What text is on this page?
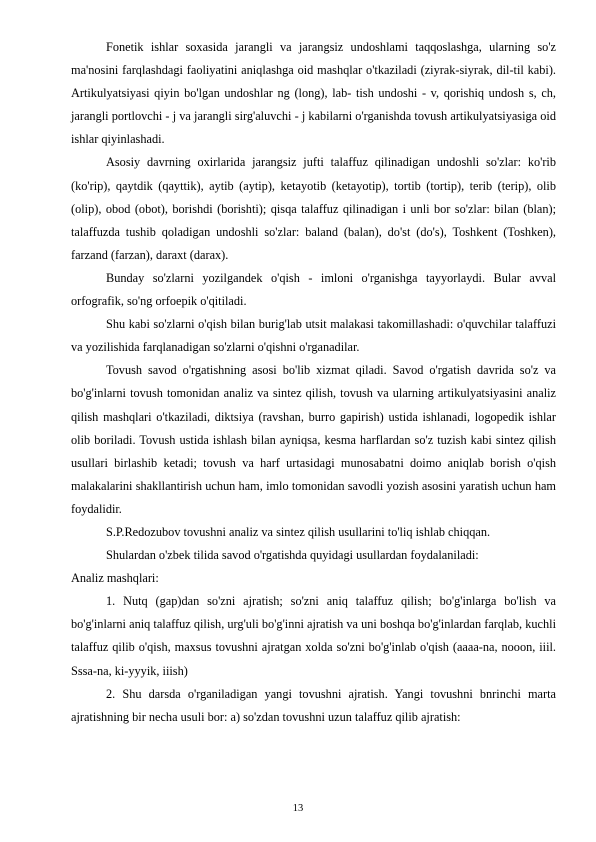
Fonetik ishlar soxasida jarangli va jarangsiz undoshlami taqqoslashga, ularning so'z ma'nosini farqlashdagi faoliyatini aniqlashga oid mashqlar o'tkaziladi (ziyrak-siyrak, dil-til kabi). Artikulyatsiyasi qiyin bo'lgan undoshlar ng (long), lab- tish undoshi - v, qorishiq undosh s, ch, jarangli portlovchi - j va jarangli sirg'aluvchi - j kabilarni o'rganishda tovush artikulyatsiyasiga oid ishlar qiyinlashadi.

Asosiy davrning oxirlarida jarangsiz jufti talaffuz qilinadigan undoshli so'zlar: ko'rib (ko'rip), qaytdik (qayttik), aytib (aytip), ketayotib (ketayotip), tortib (tortip), terib (terip), olib (olip), obod (obot), borishdi (borishti); qisqa talaffuz qilinadigan i unli bor so'zlar: bilan (blan); talaffuzda tushib qoladigan undoshli so'zlar: baland (balan), do'st (do's), Toshkent (Toshken), farzand (farzan), daraxt (darax).

Bunday so'zlarni yozilgandek o'qish - imloni o'rganishga tayyorlaydi. Bular avval orfografik, so'ng orfoepik o'qitiladi.

Shu kabi so'zlarni o'qish bilan burig'lab utsit malakasi takomillashadi: o'quvchilar talaffuzi va yozilishida farqlanadigan so'zlarni o'qishni o'rganadilar.

Tovush savod o'rgatishning asosi bo'lib xizmat qiladi. Savod o'rgatish davrida so'z va bo'g'inlarni tovush tomonidan analiz va sintez qilish, tovush va ularning artikulyatsiyasini analiz qilish mashqlari o'tkaziladi, diktsiya (ravshan, burro gapirish) ustida ishlanadi, logopedik ishlar olib boriladi. Tovush ustida ishlash bilan ayniqsa, kesma harflardan so'z tuzish kabi sintez qilish usullari birlashib ketadi; tovush va harf urtasidagi munosabatni doimo aniqlab borish o'qish malakalarini shakllantirish uchun ham, imlo tomonidan savodli yozish asosini yaratish uchun ham foydalidir.

S.P.Redozubov tovushni analiz va sintez qilish usullarini to'liq ishlab chiqqan.

Shulardan o'zbek tilida savod o'rgatishda quyidagi usullardan foydalaniladi:

Analiz mashqlari:

1. Nutq (gap)dan so'zni ajratish; so'zni aniq talaffuz qilish; bo'g'inlarga bo'lish va bo'g'inlarni aniq talaffuz qilish, urg'uli bo'g'inni ajratish va uni boshqa bo'g'inlardan farqlab, kuchli talaffuz qilib o'qish, maxsus tovushni ajratgan xolda so'zni bo'g'inlab o'qish (aaaa-na, nooon, iiil. Sssa-na, ki-yyyik, iiish)

2. Shu darsda o'rganiladigan yangi tovushni ajratish. Yangi tovushni bnrinchi marta ajratishning bir necha usuli bor: a) so'zdan tovushni uzun talaffuz qilib ajratish:

13
